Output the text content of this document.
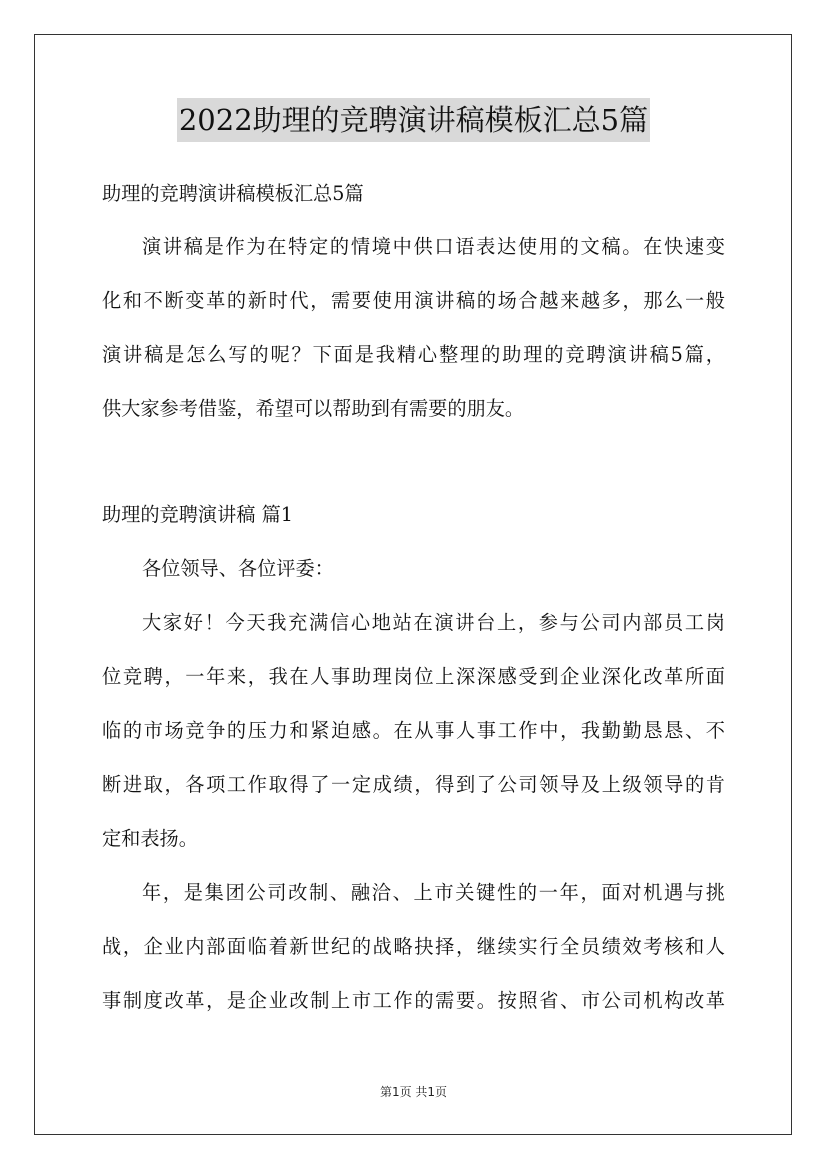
2022助理的竞聘演讲稿模板汇总5篇
助理的竞聘演讲稿模板汇总5篇
演讲稿是作为在特定的情境中供口语表达使用的文稿。在快速变
化和不断变革的新时代，需要使用演讲稿的场合越来越多，那么一般
演讲稿是怎么写的呢？下面是我精心整理的助理的竞聘演讲稿5篇，
供大家参考借鉴，希望可以帮助到有需要的朋友。
助理的竞聘演讲稿 篇1
各位领导、各位评委：
大家好！今天我充满信心地站在演讲台上，参与公司内部员工岗
位竞聘，一年来，我在人事助理岗位上深深感受到企业深化改革所面
临的市场竞争的压力和紧迫感。在从事人事工作中，我勤勤恳恳、不
断进取，各项工作取得了一定成绩，得到了公司领导及上级领导的肯
定和表扬。
年，是集团公司改制、融洽、上市关键性的一年，面对机遇与挑
战，企业内部面临着新世纪的战略抉择，继续实行全员绩效考核和人
事制度改革，是企业改制上市工作的需要。按照省、市公司机构改革
第1页 共1页
